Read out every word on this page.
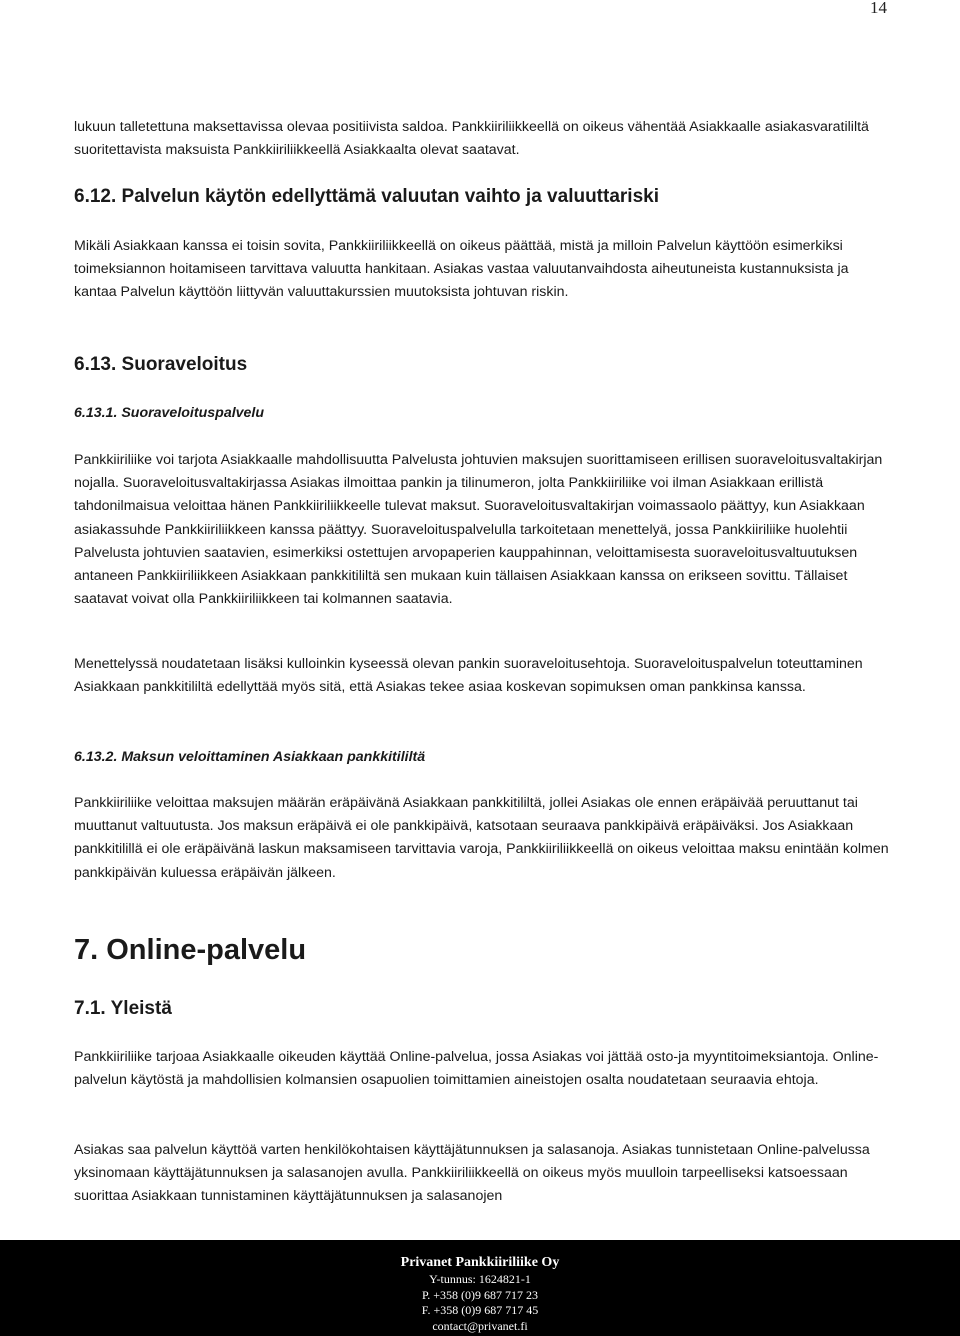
14

lukuun talletettuna maksettavissa olevaa positiivista saldoa. Pankkiiriliikkeellä on oikeus vähentää Asiakkaalle asiakasvaratililtä suoritettavista maksuista Pankkiiriliikkeellä Asiakkaalta olevat saatavat.

6.12. Palvelun käytön edellyttämä valuutan vaihto ja valuuttariski

Mikäli Asiakkaan kanssa ei toisin sovita, Pankkiiriliikkeellä on oikeus päättää, mistä ja milloin Palvelun käyttöön esimerkiksi toimeksiannon hoitamiseen tarvittava valuutta hankitaan. Asiakas vastaa valuutanvaihdosta aiheutuneista kustannuksista ja kantaa Palvelun käyttöön liittyvän valuuttakurssien muutoksista johtuvan riskin.

6.13. Suoraveloitus
6.13.1. Suoraveloituspalvelu

Pankkiiriliike voi tarjota Asiakkaalle mahdollisuutta Palvelusta johtuvien maksujen suorittamiseen erillisen suoraveloitusvaltakirjan nojalla. Suoraveloitusvaltakirjassa Asiakas ilmoittaa pankin ja tilinumeron, jolta Pankkiiriliike voi ilman Asiakkaan erillistä tahdonilmaisua veloittaa hänen Pankkiiriliikkeelle tulevat maksut. Suoraveloitusvaltakirjan voimassaolo päättyy, kun Asiakkaan asiakassuhde Pankkiiriliikkeen kanssa päättyy. Suoraveloituspalvelulla tarkoitetaan menettelyä, jossa Pankkiiriliike huolehtii Palvelusta johtuvien saatavien, esimerkiksi ostettujen arvopaperien kauppahinnan, veloittamisesta suoraveloitusvaltuutuksen antaneen Pankkiiriliikkeen Asiakkaan pankkitililtä sen mukaan kuin tällaisen Asiakkaan kanssa on erikseen sovittu. Tällaiset saatavat voivat olla Pankkiiriliikkeen tai kolmannen saatavia.

Menettelyssä noudatetaan lisäksi kulloinkin kyseessä olevan pankin suoraveloitusehtoja. Suoraveloituspalvelun toteuttaminen Asiakkaan pankkitililtä edellyttää myös sitä, että Asiakas tekee asiaa koskevan sopimuksen oman pankkinsa kanssa.

6.13.2. Maksun veloittaminen Asiakkaan pankkitililtä

Pankkiiriliike veloittaa maksujen määrän eräpäivänä Asiakkaan pankkitililtä, jollei Asiakas ole ennen eräpäivää peruuttanut tai muuttanut valtuutusta. Jos maksun eräpäivä ei ole pankkipäivä, katsotaan seuraava pankkipäivä eräpäiväksi. Jos Asiakkaan pankkitilillä ei ole eräpäivänä laskun maksamiseen tarvittavia varoja, Pankkiiriliikkeellä on oikeus veloittaa maksu enintään kolmen pankkipäivän kuluessa eräpäivän jälkeen.

7. Online-palvelu
7.1. Yleistä

Pankkiiriliike tarjoaa Asiakkaalle oikeuden käyttää Online-palvelua, jossa Asiakas voi jättää osto-ja myyntitoimeksiantoja. Online-palvelun käytöstä ja mahdollisien kolmansien osapuolien toimittamien aineistojen osalta noudatetaan seuraavia ehtoja.

Asiakas saa palvelun käyttöä varten henkilökohtaisen käyttäjätunnuksen ja salasanoja. Asiakas tunnistetaan Online-palvelussa yksinomaan käyttäjätunnuksen ja salasanojen avulla. Pankkiiriliikkeellä on oikeus myös muulloin tarpeelliseksi katsoessaan suorittaa Asiakkaan tunnistaminen käyttäjätunnuksen ja salasanojen

Privanet Pankkiiriliike Oy
Y-tunnus: 1624821-1
P. +358 (0)9 687 717 23
F. +358 (0)9 687 717 45
contact@privanet.fi
